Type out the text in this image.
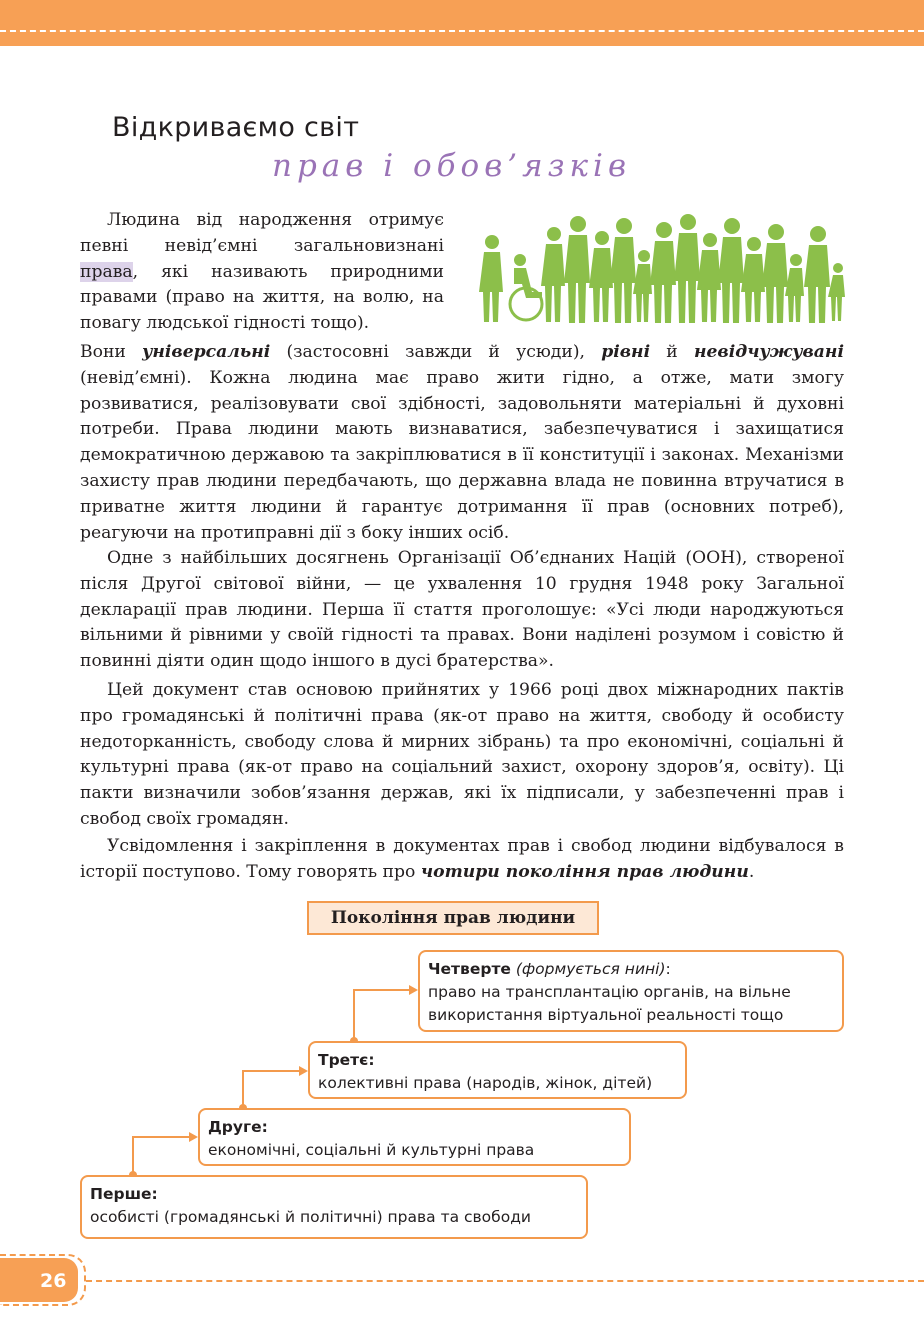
Відкриваємо світ
прав і обов’язків

Людина від народження отримує певні невід’ємні загальновизнані права, які називають природними правами (право на життя, на волю, на повагу людської гідності тощо).

Вони універсальні (застосовні завжди й усюди), рівні й невідчужувані (невід’ємні). Кожна людина має право жити гідно, а отже, мати змогу розвиватися, реалізовувати свої здібності, задовольняти матеріальні й духовні потреби. Права людини мають визнаватися, забезпечуватися і захищатися демократичною державою та закріплюватися в її конституції і законах. Механізми захисту прав людини передбачають, що державна влада не повинна втручатися в приватне життя людини й гарантує дотримання її прав (основних потреб), реагуючи на протиправні дії з боку інших осіб.

Одне з найбільших досягнень Організації Об’єднаних Націй (ООН), створеної після Другої світової війни, — це ухвалення 10 грудня 1948 року Загальної декларації прав людини. Перша її стаття проголошує: «Усі люди народжуються вільними й рівними у своїй гідності та правах. Вони наділені розумом і совістю й повинні діяти один щодо іншого в дусі братерства».

Цей документ став основою прийнятих у 1966 році двох міжнародних пактів про громадянські й політичні права (як-от право на життя, свободу й особисту недоторканність, свободу слова й мирних зібрань) та про економічні, соціальні й культурні права (як-от право на соціальний захист, охорону здоров’я, освіту). Ці пакти визначили зобов’язання держав, які їх підписали, у забезпеченні прав і свобод своїх громадян.

Усвідомлення і закріплення в документах прав і свобод людини відбувалося в історії поступово. Тому говорять про чотири покоління прав людини.

Покоління прав людини
Четверте (формується нині):
право на трансплантацію органів, на вільне використання віртуальної реальності тощо
Третє:
колективні права (народів, жінок, дітей)
Друге:
економічні, соціальні й культурні права
Перше:
особисті (громадянські й політичні) права та свободи
26
